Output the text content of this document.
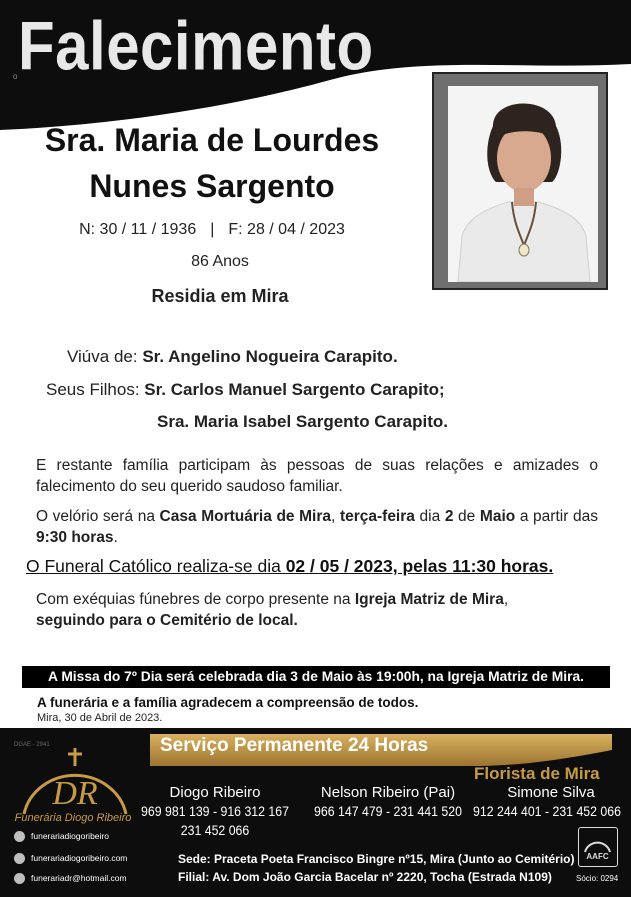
Falecimento
o
Sra. Maria de Lourdes
Nunes Sargento
N: 30 / 11 / 1936 | F: 28 / 04 / 2023
86 Anos
Residia em Mira
Viúva de: Sr. Angelino Nogueira Carapito.
Seus Filhos: Sr. Carlos Manuel Sargento Carapito;
Sra. Maria Isabel Sargento Carapito.
E restante família participam às pessoas de suas relações e amizades o falecimento do seu querido saudoso familiar.
O velório será na Casa Mortuária de Mira, terça-feira dia 2 de Maio a partir das 9:30 horas.
O Funeral Católico realiza-se dia 02 / 05 / 2023, pelas 11:30 horas.
Com exéquias fúnebres de corpo presente na Igreja Matriz de Mira,
seguindo para o Cemitério de local.
A Missa do 7º Dia será celebrada dia 3 de Maio às 19:00h, na Igreja Matriz de Mira.
A funerária e a família agradecem a compreensão de todos.
Mira, 30 de Abril de 2023.
DGAE - 2941	Serviço Permanente 24 Horas
DR
Funerária Diogo Ribeiro
Florista de Mira
Diogo Ribeiro
969 981 139 - 916 312 167
231 452 066
Nelson Ribeiro (Pai)
966 147 479 - 231 441 520
Simone Silva
912 244 401 - 231 452 066
funerariadiogoribeiro
funerariadiogoribeiro.com
funerariadr@hotmail.com
Sede: Praceta Poeta Francisco Bingre nº15, Mira (Junto ao Cemitério)
Filial: Av. Dom João Garcia Bacelar nº 2220, Tocha (Estrada N109)
AAFC
Sócio: 0294
